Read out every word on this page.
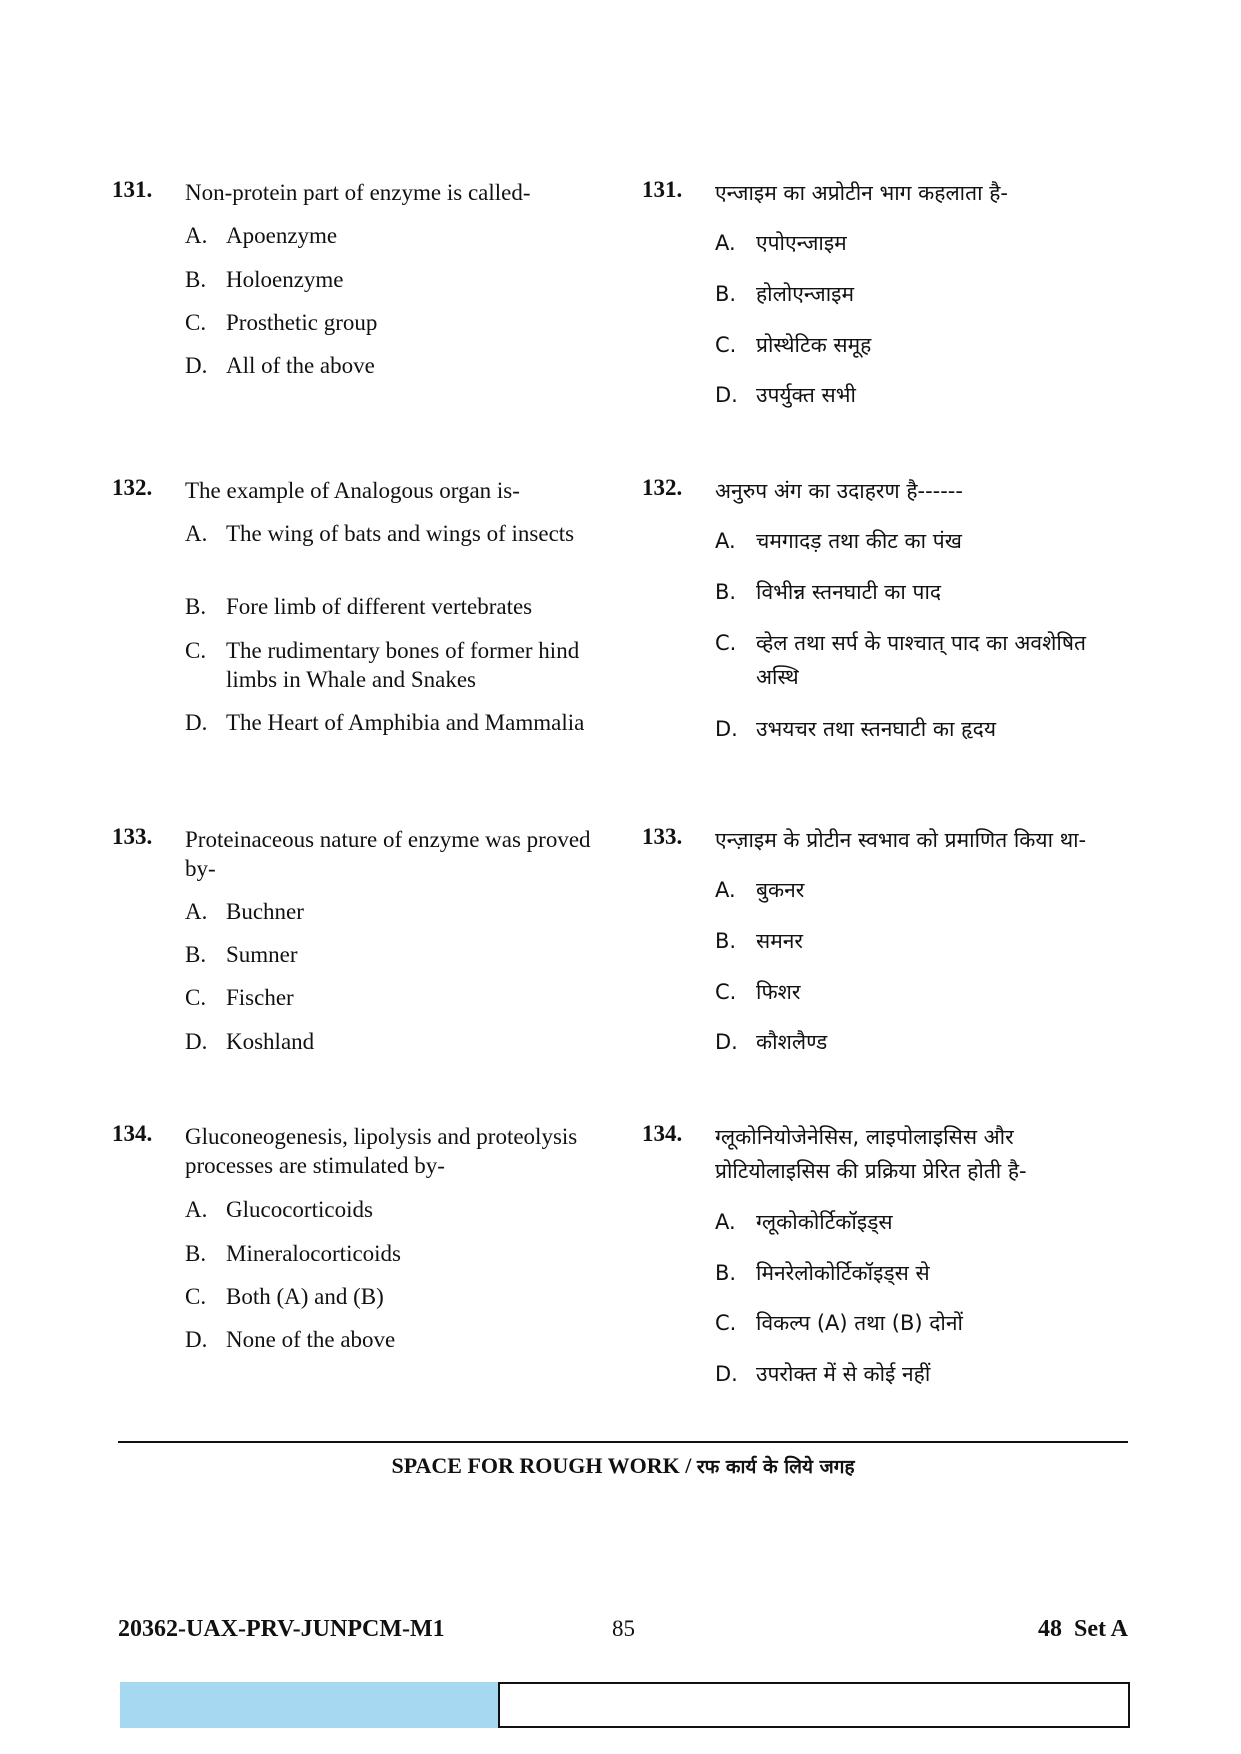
131. Non-protein part of enzyme is called-
A. Apoenzyme
B. Holoenzyme
C. Prosthetic group
D. All of the above
131. एन्जाइम का अप्रोटीन भाग कहलाता है-
A. एपोएन्जाइम
B. होलोएन्जाइम
C. प्रोस्थेटिक समूह
D. उपर्युक्त सभी
132. The example of Analogous organ is-
A. The wing of bats and wings of insects
B. Fore limb of different vertebrates
C. The rudimentary bones of former hind limbs in Whale and Snakes
D. The Heart of Amphibia and Mammalia
132. अनुरुप अंग का उदाहरण है------
A. चमगादड़ तथा कीट का पंख
B. विभीन्न स्तनघाटी का पाद
C. व्हेल तथा सर्प के पाश्चात् पाद का अवशेषित अस्थि
D. उभयचर तथा स्तनघाटी का हृदय
133. Proteinaceous nature of enzyme was proved by-
A. Buchner
B. Sumner
C. Fischer
D. Koshland
133. एन्ज़ाइम के प्रोटीन स्वभाव को प्रमाणित किया था-
A. बुकनर
B. समनर
C. फिशर
D. कौशलैण्ड
134. Gluconeogenesis, lipolysis and proteolysis processes are stimulated by-
A. Glucocorticoids
B. Mineralocorticoids
C. Both (A) and (B)
D. None of the above
134. ग्लूकोनियोजेनेसिस, लाइपोलाइसिस और प्रोटियोलाइसिस की प्रक्रिया प्रेरित होती है-
A. ग्लूकोकोर्टिकॉइड्स
B. मिनरेलोकोर्टिकॉइड्स से
C. विकल्प (A) तथा (B) दोनों
D. उपरोक्त में से कोई नहीं
SPACE FOR ROUGH WORK / रफ कार्य के लिये जगह
20362-UAX-PRV-JUNPCM-M1	85	48  Set A
